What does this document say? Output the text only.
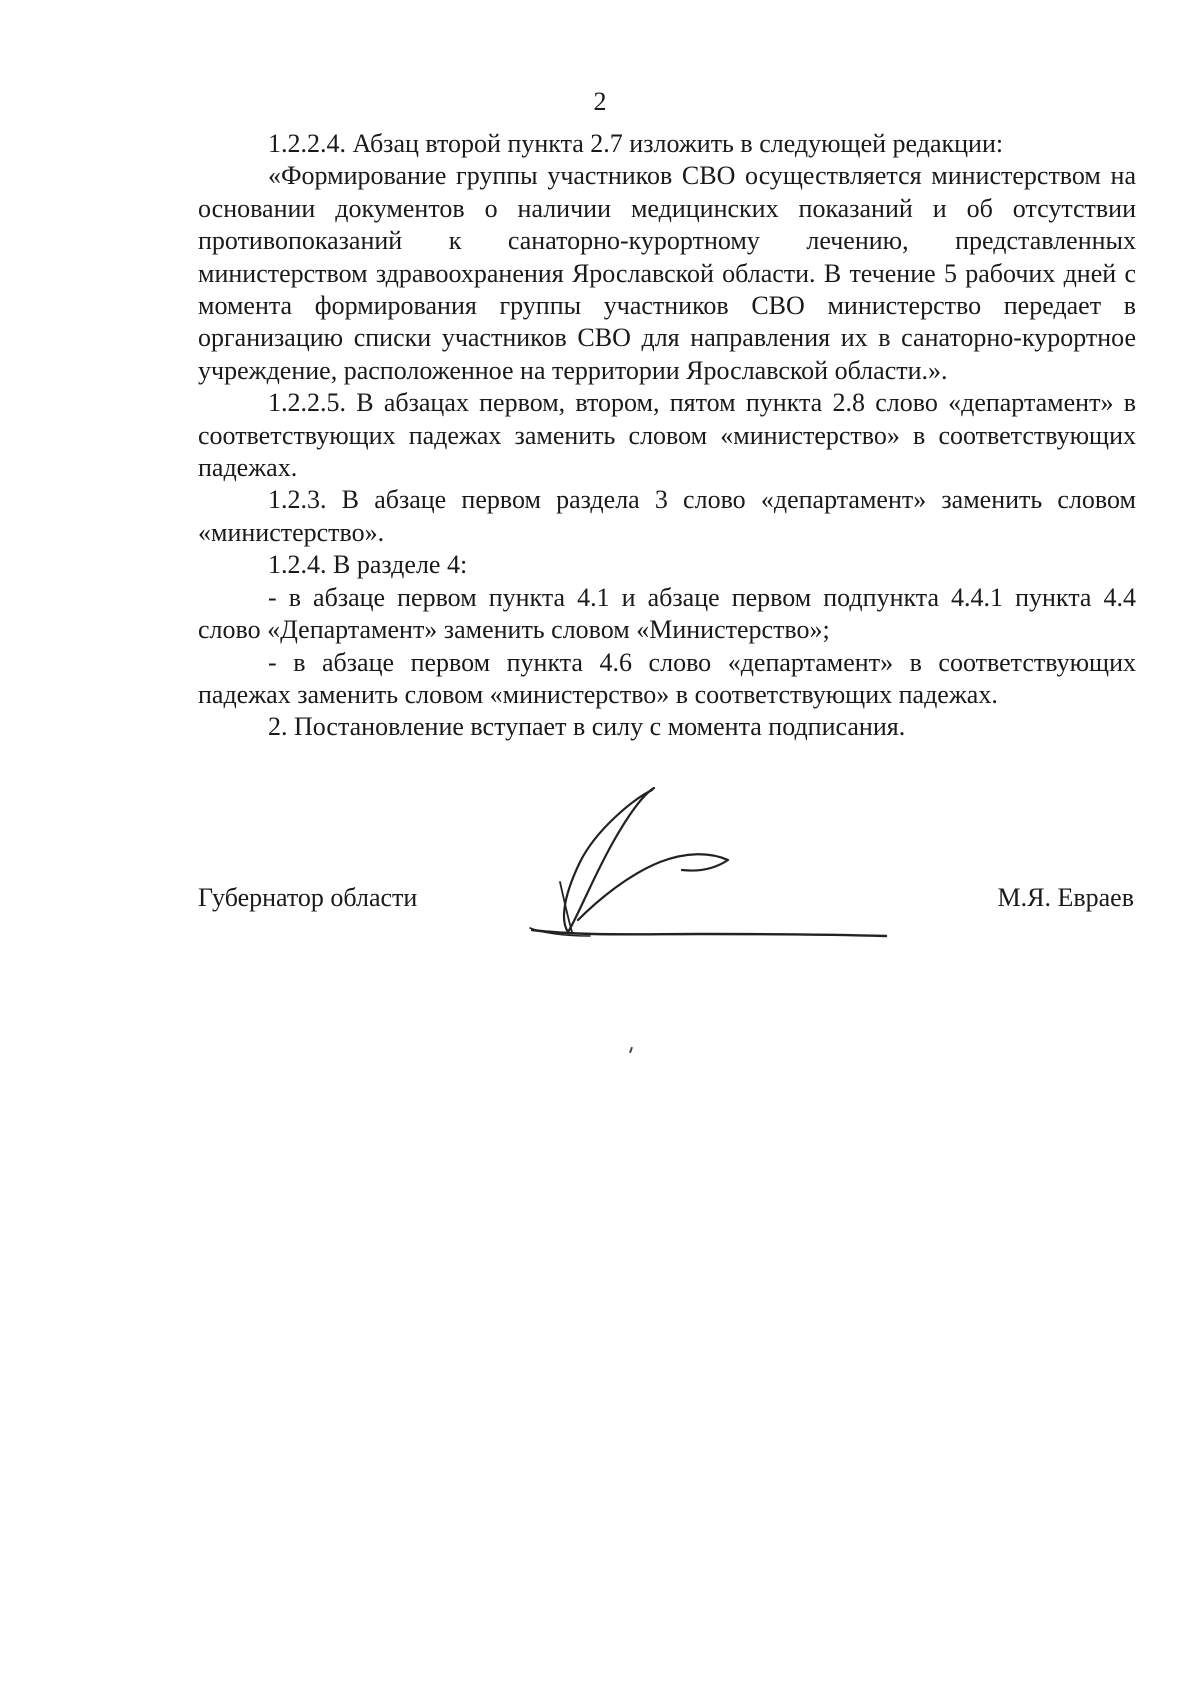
2

1.2.2.4. Абзац второй пункта 2.7 изложить в следующей редакции:

«Формирование группы участников СВО осуществляется министерством на основании документов о наличии медицинских показаний и об отсутствии противопоказаний к санаторно-курортному лечению, представленных министерством здравоохранения Ярославской области. В течение 5 рабочих дней с момента формирования группы участников СВО министерство передает в организацию списки участников СВО для направления их в санаторно-курортное учреждение, расположенное на территории Ярославской области.».

1.2.2.5. В абзацах первом, втором, пятом пункта 2.8 слово «департамент» в соответствующих падежах заменить словом «министерство» в соответствующих падежах.

1.2.3. В абзаце первом раздела 3 слово «департамент» заменить словом «министерство».

1.2.4. В разделе 4:

- в абзаце первом пункта 4.1 и абзаце первом подпункта 4.4.1 пункта 4.4 слово «Департамент» заменить словом «Министерство»;

- в абзаце первом пункта 4.6 слово «департамент» в соответствующих падежах заменить словом «министерство» в соответствующих падежах.

2. Постановление вступает в силу с момента подписания.

Губернатор области	М.Я. Евраев
